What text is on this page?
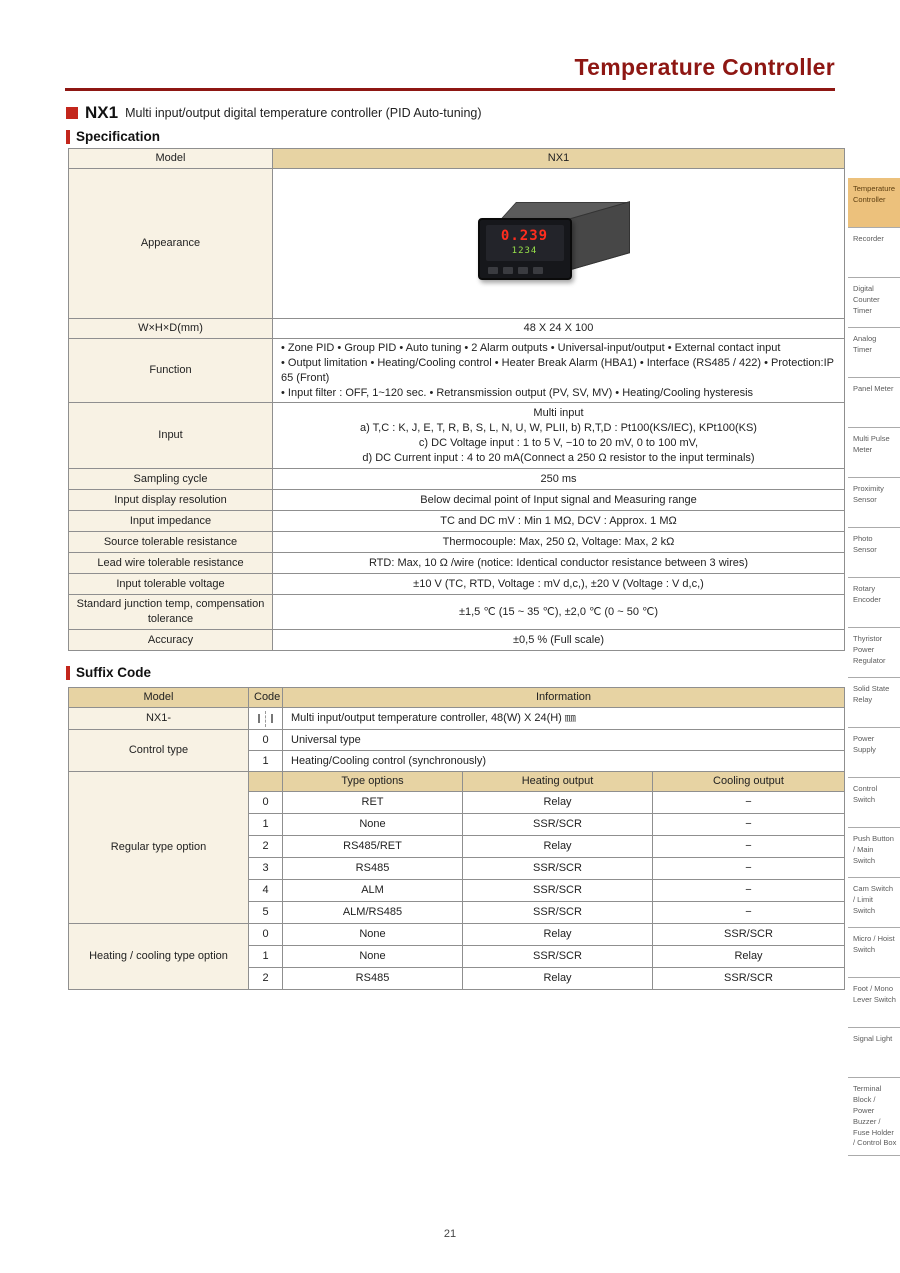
Temperature Controller
NX1 Multi input/output digital temperature controller (PID Auto-tuning)
Specification
Model	NX1
Appearance	0.239
1234

W×H×D(mm)	48 X 24 X 100
Function	• Zone PID • Group PID • Auto tuning • 2 Alarm outputs • Universal-input/output • External contact input
• Output limitation • Heating/Cooling control • Heater Break Alarm (HBA1) • Interface (RS485 / 422) • Protection:IP 65 (Front)
• Input filter : OFF, 1~120 sec. • Retransmission output (PV, SV, MV) • Heating/Cooling hysteresis

Input	Multi input
a) T,C : K, J, E, T, R, B, S, L, N, U, W, PLII, b) R,T,D : Pt100(KS/IEC), KPt100(KS)
c) DC Voltage input : 1 to 5 V, −10 to 20 mV, 0 to 100 mV,
d) DC Current input : 4 to 20 mA(Connect a 250 Ω resistor to the input terminals)

Sampling cycle	250 ms
Input display resolution	Below decimal point of Input signal and Measuring range
Input impedance	TC and DC mV : Min 1 MΩ, DCV : Approx. 1 MΩ
Source tolerable resistance	Thermocouple: Max, 250 Ω, Voltage: Max, 2 kΩ
Lead wire tolerable resistance	RTD: Max, 10 Ω /wire (notice: Identical conductor resistance between 3 wires)
Input tolerable voltage	±10 V (TC, RTD, Voltage : mV d,c,), ±20 V (Voltage : V d,c,)
Standard junction temp, compensation tolerance	±1,5 ℃ (15 ~ 35 ℃), ±2,0 ℃ (0 ~ 50 ℃)
Accuracy	±0,5 % (Full scale)
Suffix Code
Model	Code	Information		
NX1-		Multi input/output temperature controller, 48(W) X 24(H) ㎜		
Control type	0	Universal type		
	1	Heating/Cooling control (synchronously)		
Regular type option		Type options	Heating output	Cooling output
	0	RET	Relay	−
	1	None	SSR/SCR	−
	2	RS485/RET	Relay	−
	3	RS485	SSR/SCR	−
	4	ALM	SSR/SCR	−
	5	ALM/RS485	SSR/SCR	−
Heating / cooling type option	0	None	Relay	SSR/SCR
	1	None	SSR/SCR	Relay
	2	RS485	Relay	SSR/SCR
Temperature Controller
Recorder
Digital Counter Timer
Analog Timer
Panel Meter
Multi Pulse Meter
Proximity Sensor
Photo Sensor
Rotary Encoder
Thyristor Power Regulator
Solid State Relay
Power Supply
Control Switch
Push Button / Main Switch
Cam Switch / Limit Switch
Micro / Hoist Switch
Foot / Mono Lever Switch
Signal Light
Terminal Block / Power Buzzer / Fuse Holder / Control Box
21
